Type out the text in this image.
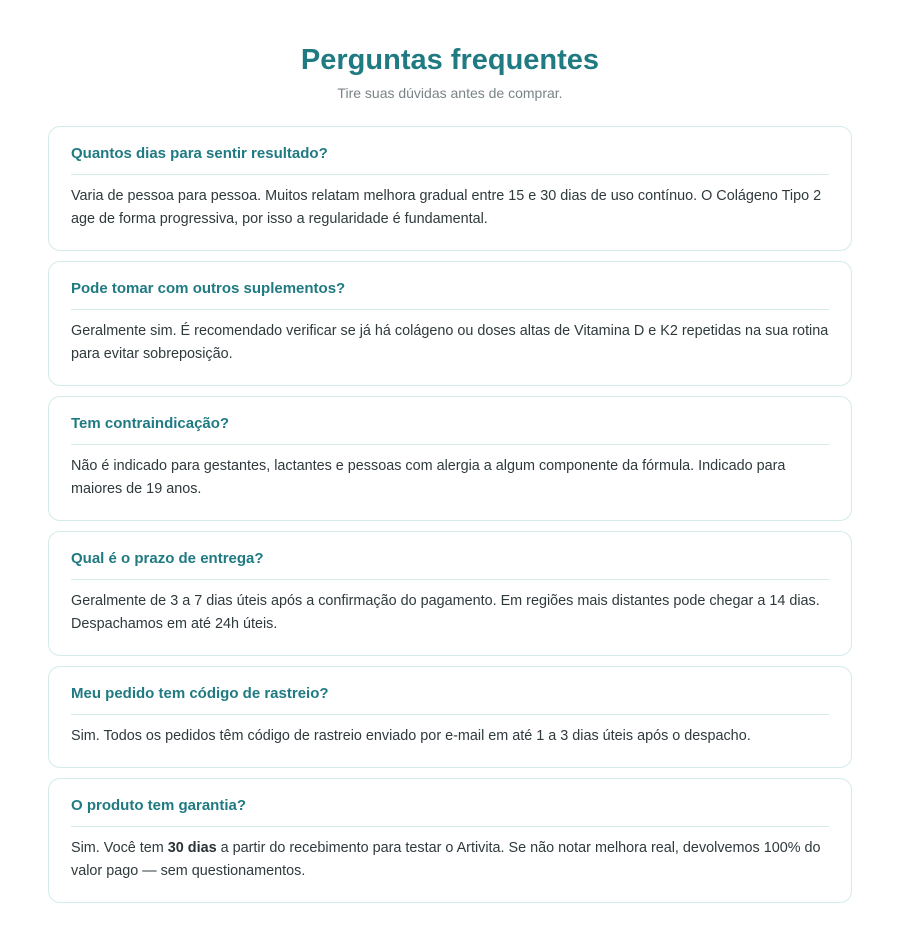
Perguntas frequentes

Tire suas dúvidas antes de comprar.

Quantos dias para sentir resultado?

Varia de pessoa para pessoa. Muitos relatam melhora gradual entre 15 e 30 dias de uso contínuo. O Colágeno Tipo 2 age de forma progressiva, por isso a regularidade é fundamental.

Pode tomar com outros suplementos?

Geralmente sim. É recomendado verificar se já há colágeno ou doses altas de Vitamina D e K2 repetidas na sua rotina para evitar sobreposição.

Tem contraindicação?

Não é indicado para gestantes, lactantes e pessoas com alergia a algum componente da fórmula. Indicado para maiores de 19 anos.

Qual é o prazo de entrega?

Geralmente de 3 a 7 dias úteis após a confirmação do pagamento. Em regiões mais distantes pode chegar a 14 dias. Despachamos em até 24h úteis.

Meu pedido tem código de rastreio?

Sim. Todos os pedidos têm código de rastreio enviado por e-mail em até 1 a 3 dias úteis após o despacho.

O produto tem garantia?

Sim. Você tem 30 dias a partir do recebimento para testar o Artivita. Se não notar melhora real, devolvemos 100% do valor pago — sem questionamentos.
